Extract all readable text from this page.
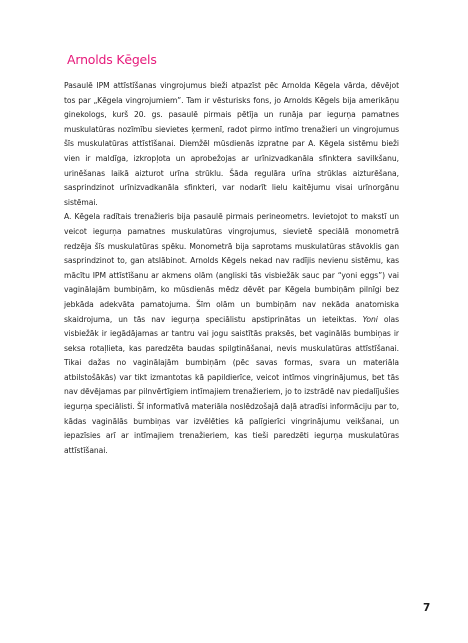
Arnolds Kēgels

Pasaulē IPM attīstīšanas vingrojumus bieži atpazīst pēc Arnolda Kēgela vārda, dēvējot tos par „Kēgela vingrojumiem”. Tam ir vēsturisks fons, jo Arnolds Kēgels bija amerikāņu ginekologs, kurš 20. gs. pasaulē pirmais pētīja un runāja par iegurņa pamatnes muskulatūras nozīmību sievietes ķermenī, radot pirmo intīmo trenažieri un vingrojumus šīs muskulatūras attīstīšanai. Diemžēl mūsdienās izpratne par A. Kēgela sistēmu bieži vien ir maldīga, izkropļota un aprobežojas ar urīnizvadkanāla sfinktera savilkšanu, urinēšanas laikā aizturot urīna strūklu. Šāda regulāra urīna strūklas aizturēšana, sasprindzinot urīnizvadkanāla sfinkteri, var nodarīt lielu kaitējumu visai urīnorgānu sistēmai.

A. Kēgela radītais trenažieris bija pasaulē pirmais perineometrs. Ievietojot to makstī un veicot iegurņa pamatnes muskulatūras vingrojumus, sievietē speciālā monometrā redzēja šīs muskulatūras spēku. Monometrā bija saprotams muskulatūras stāvoklis gan sasprindzinot to, gan atslābinot. Arnolds Kēgels nekad nav radījis nevienu sistēmu, kas mācītu IPM attīstīšanu ar akmens olām (angliski tās visbiežāk sauc par “yoni eggs”) vai vaginālajām bumbiņām, ko mūsdienās mēdz dēvēt par Kēgela bumbiņām pilnīgi bez jebkāda adekvāta pamatojuma. Šīm olām un bumbiņām nav nekāda anatomiska skaidrojuma, un tās nav iegurņa speciālistu apstiprinātas un ieteiktas. Yoni olas visbiežāk ir iegādājamas ar tantru vai jogu saistītās praksēs, bet vaginālās bumbiņas ir seksa rotaļlieta, kas paredzēta baudas spilgtināšanai, nevis muskulatūras attīstīšanai. Tikai dažas no vaginālajām bumbiņām (pēc savas formas, svara un materiāla atbilstošākās) var tikt izmantotas kā papildierīce, veicot intīmos vingrinājumus, bet tās nav dēvējamas par pilnvērtīgiem intīmajiem trenažieriem, jo to izstrādē nav piedalījušies iegurņa speciālisti. Šī informatīvā materiāla noslēdzošajā daļā atradīsi informāciju par to, kādas vaginālās bumbiņas var izvēlēties kā palīgierīci vingrinājumu veikšanai, un iepazīsies arī ar intīmajiem trenažieriem, kas tieši paredzēti iegurņa muskulatūras attīstīšanai.

7
